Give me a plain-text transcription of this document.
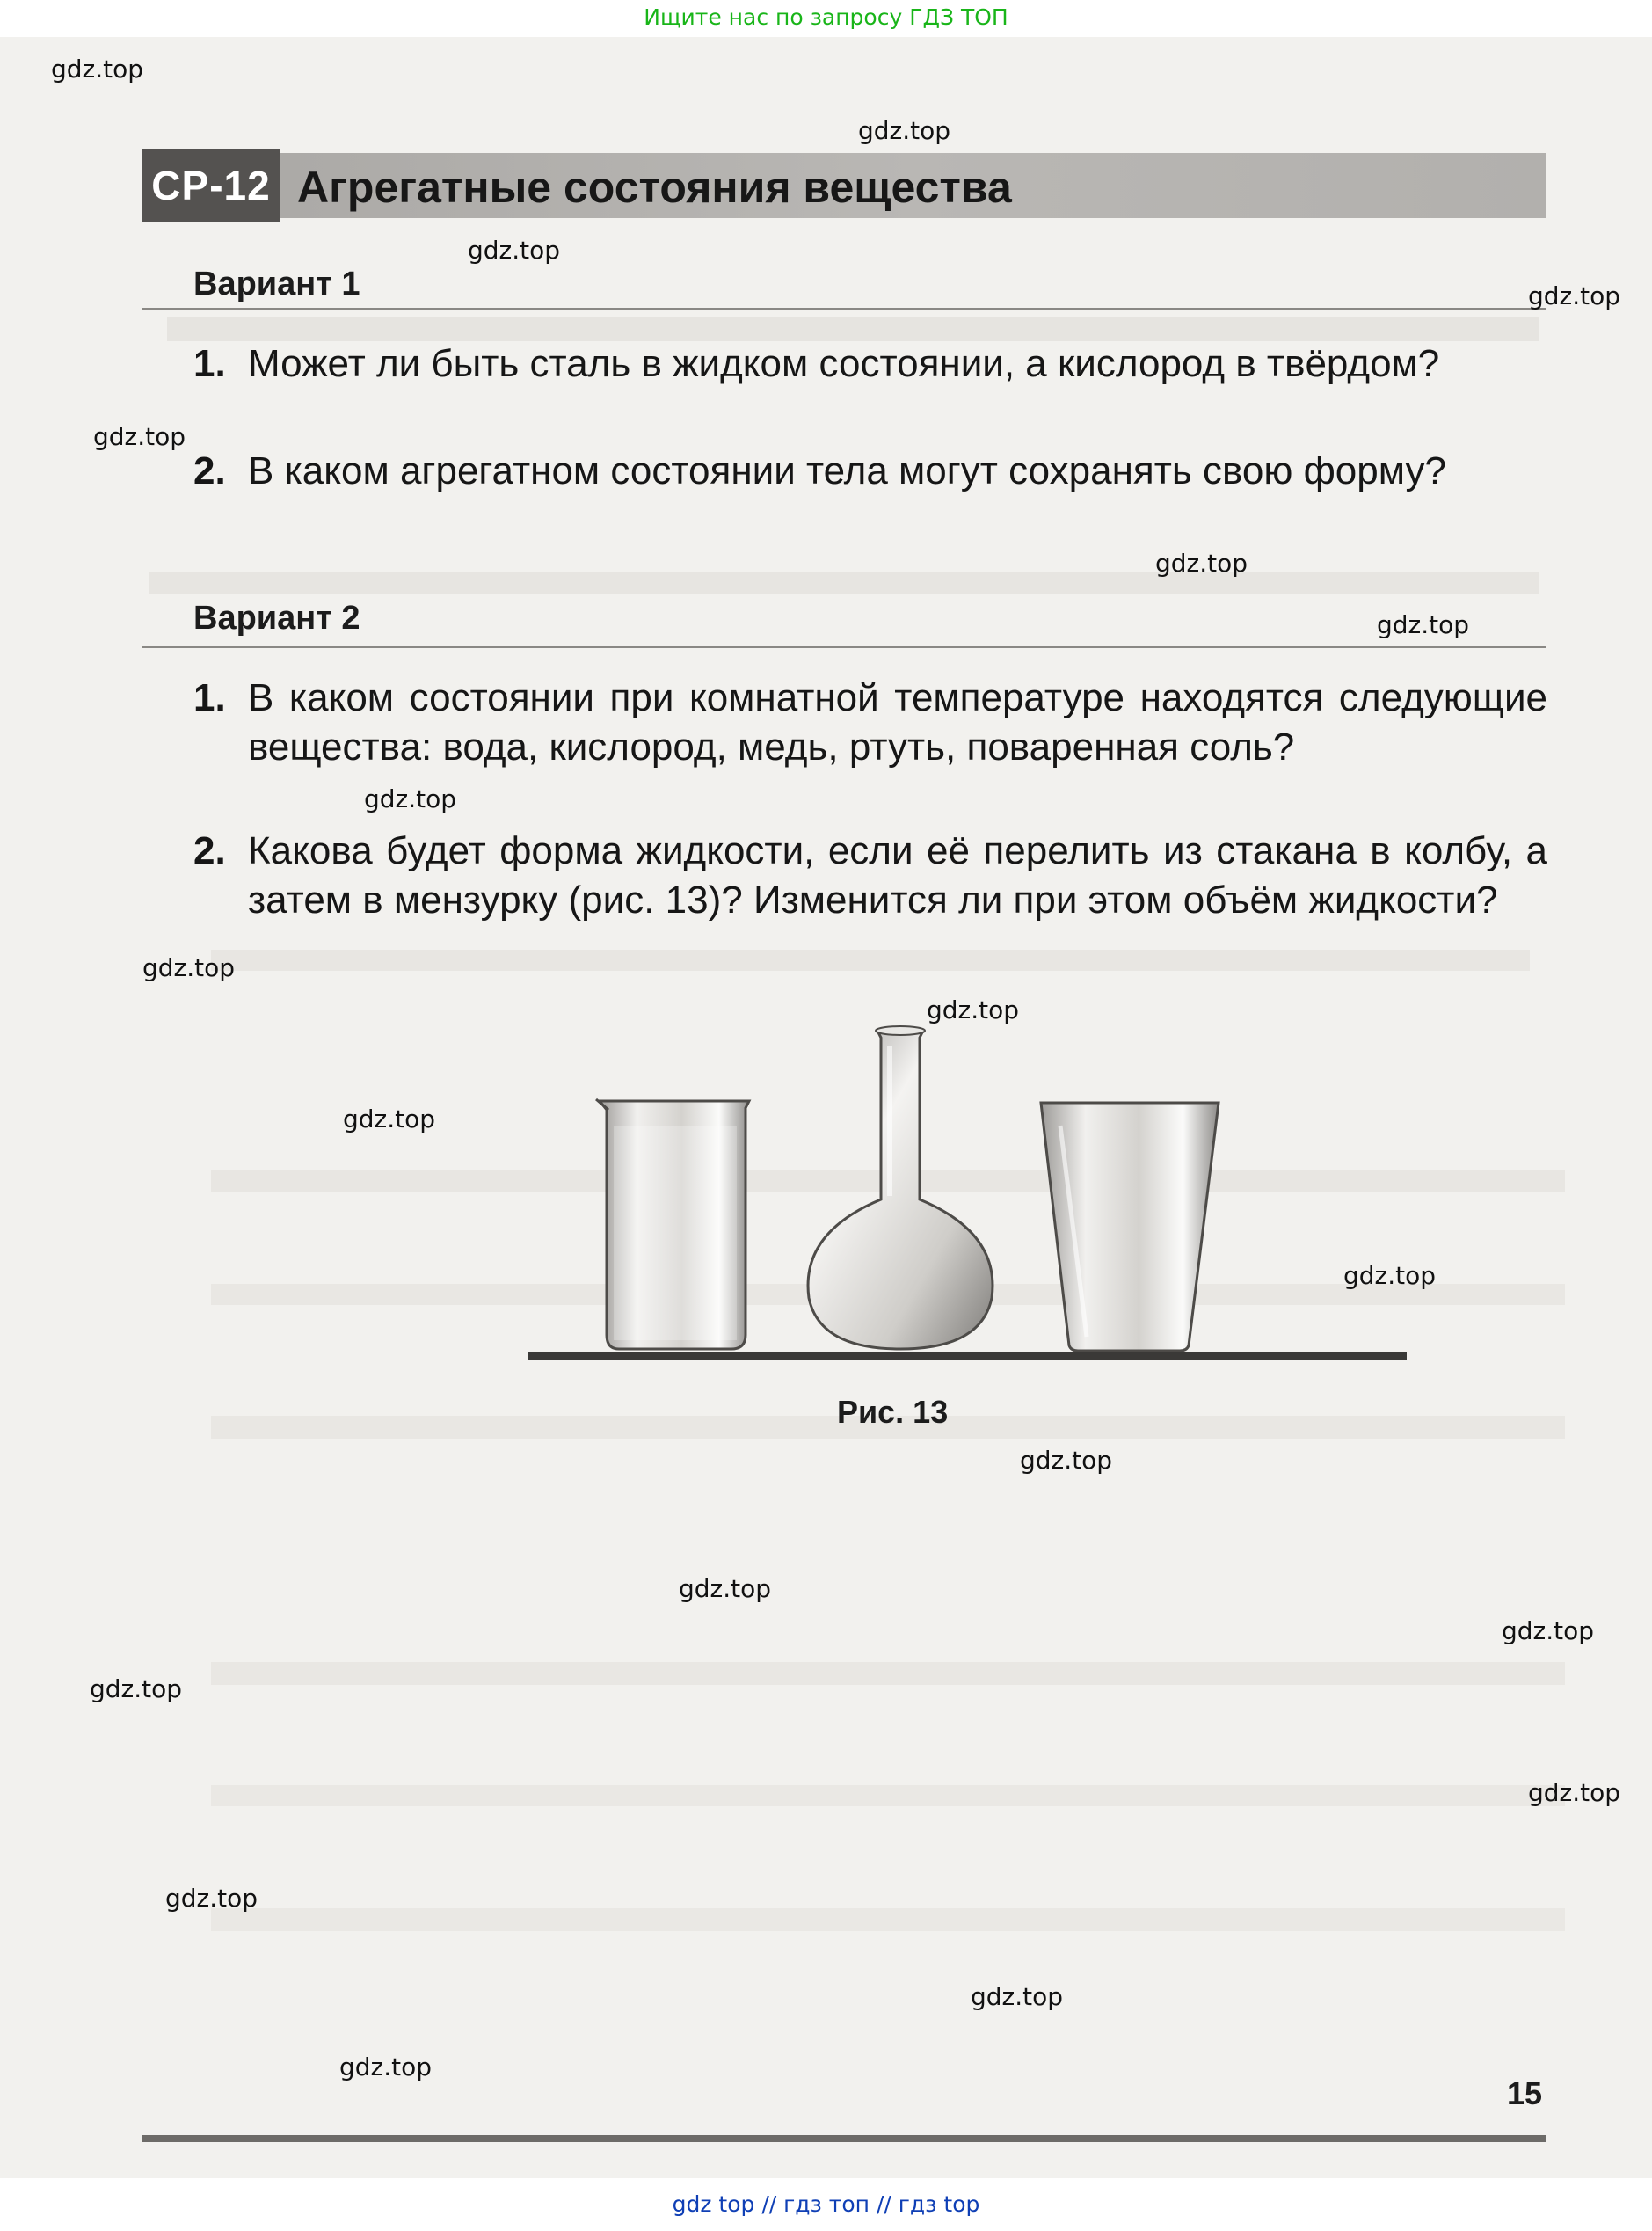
Ищите нас по запросу ГДЗ ТОП
СР-12 Агрегатные состояния вещества
Вариант 1
1. Может ли быть сталь в жидком состоянии, а кислород в твёрдом?
2. В каком агрегатном состоянии тела могут сохранять свою форму?
Вариант 2
1. В каком состоянии при комнатной температуре находятся следующие вещества: вода, кислород, медь, ртуть, поваренная соль?
2. Какова будет форма жидкости, если её перелить из стакана в колбу, а затем в мензурку (рис. 13)? Изменится ли при этом объём жидкости?
Рис. 13
15
gdz.top
gdz.top
gdz.top
gdz.top
gdz.top
gdz.top
gdz.top
gdz.top
gdz.top
gdz.top
gdz.top
gdz.top
gdz.top
gdz.top
gdz.top
gdz.top
gdz.top
gdz.top
gdz.top
gdz.top
gdz top // гдз топ // гдз top
